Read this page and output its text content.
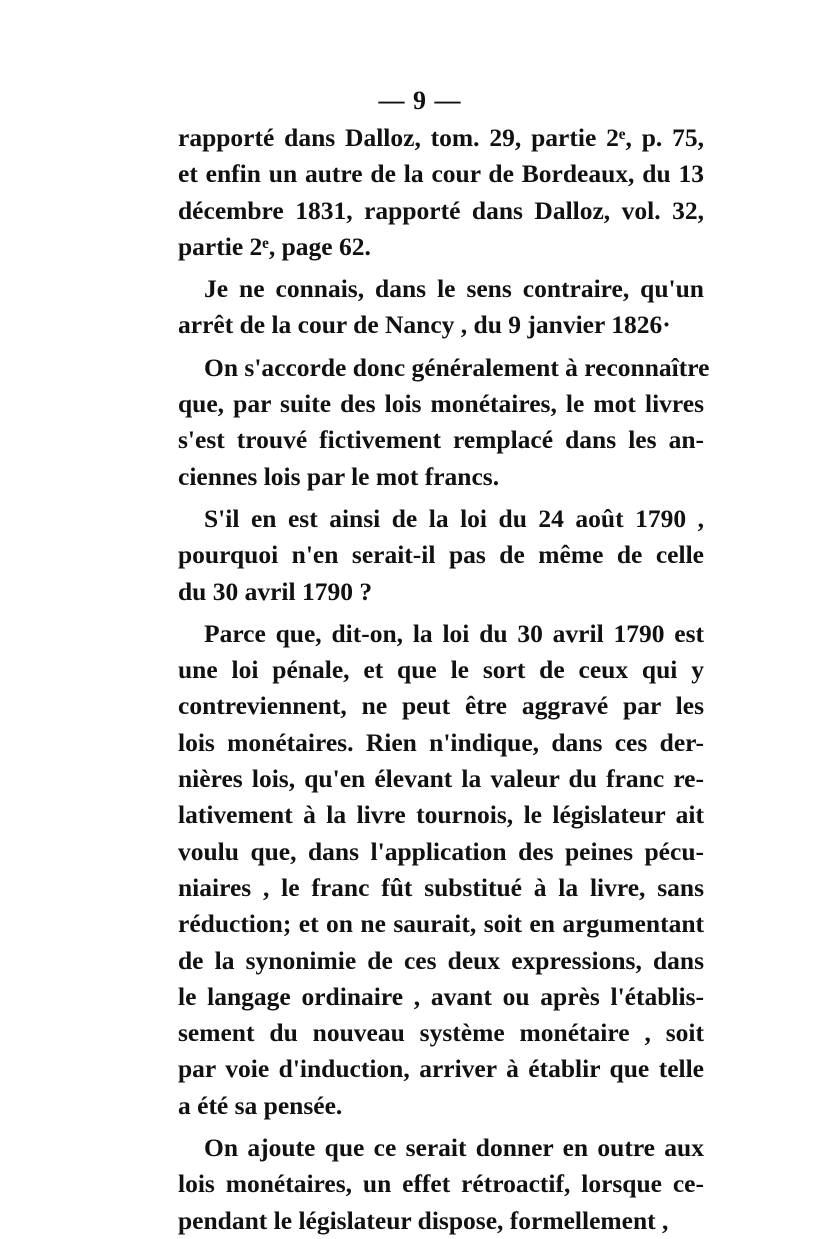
— 9 —
rapporté dans Dalloz, tom. 29, partie 2ᵉ, p. 75,
et enfin un autre de la cour de Bordeaux, du 13
décembre 1831, rapporté dans Dalloz, vol. 32,
partie 2ᵉ, page 62.
Je ne connais, dans le sens contraire, qu'un
arrêt de la cour de Nancy , du 9 janvier 1826·
On s'accorde donc généralement à reconnaître
que, par suite des lois monétaires, le mot livres
s'est trouvé fictivement remplacé dans les an-
ciennes lois par le mot francs.
S'il en est ainsi de la loi du 24 août 1790 ,
pourquoi n'en serait-il pas de même de celle
du 30 avril 1790 ?
Parce que, dit-on, la loi du 30 avril 1790 est
une loi pénale, et que le sort de ceux qui y
contreviennent, ne peut être aggravé par les
lois monétaires. Rien n'indique, dans ces der-
nières lois, qu'en élevant la valeur du franc re-
lativement à la livre tournois, le législateur ait
voulu que, dans l'application des peines pécu-
niaires , le franc fût substitué à la livre, sans
réduction; et on ne saurait, soit en argumentant
de la synonimie de ces deux expressions, dans
le langage ordinaire , avant ou après l'établis-
sement du nouveau système monétaire , soit
par voie d'induction, arriver à établir que telle
a été sa pensée.
On ajoute que ce serait donner en outre aux
lois monétaires, un effet rétroactif, lorsque ce-
pendant le législateur dispose, formellement ,
